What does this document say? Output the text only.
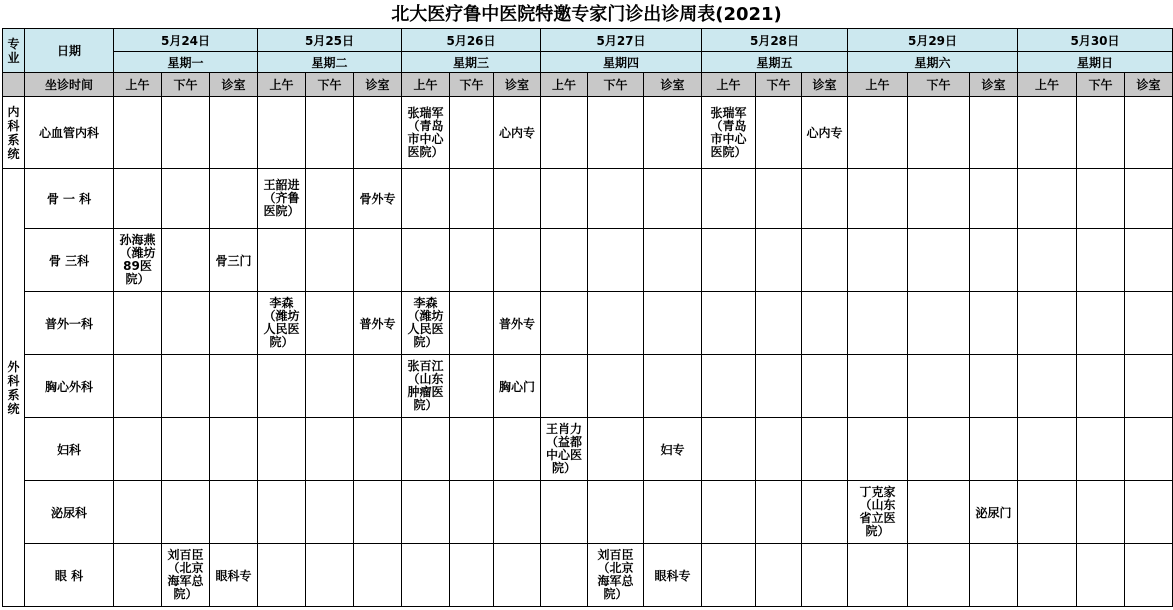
北大医疗鲁中医院特邀专家门诊出诊周表(2021)
专业	日期	5月24日			5月25日			5月26日			5月27日			5月28日			5月29日			5月30日		
		星期一			星期二			星期三			星期四			星期五			星期六			星期日		
	坐诊时间	上午	下午	诊室	上午	下午	诊室	上午	下午	诊室	上午	下午	诊室	上午	下午	诊室	上午	下午	诊室	上午	下午	诊室
内科系统	心血管内科							张瑞军
（青岛
市中心
医院）		心内专				张瑞军
（青岛
市中心
医院）		心内专						
外科系统	骨 一 科				王韶进
（齐鲁
医院）		骨外专															
	骨 三科	孙海燕
（潍坊
89医
院）		骨三门																		
	普外一科				李森
（潍坊
人民医
院）		普外专	李森
（潍坊
人民医
院）		普外专												
	胸心外科							张百江
（山东
肿瘤医
院）		胸心门												
	妇科										王肖力
（益都
中心医
院）		妇专									
	泌尿科																丁克家
（山东
省立医
院）		泌尿门			
	眼 科		刘百臣
（北京
海军总
院）	眼科专								刘百臣
（北京
海军总
院）	眼科专									
